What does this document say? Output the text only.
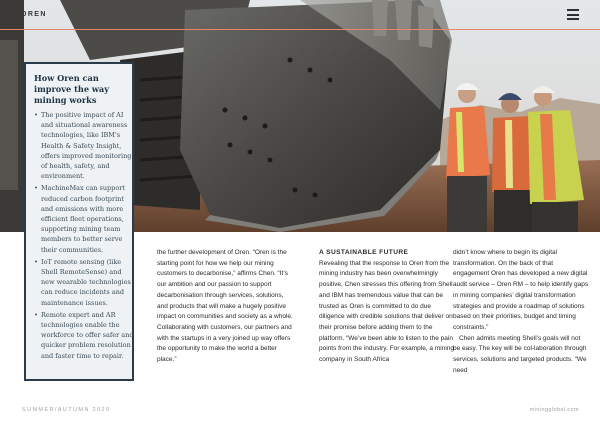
OREN
How Oren can improve the way mining works
• The positive impact of AI and situational awareness technologies, like IBM's Health & Safety Insight, offers improved monitoring of health, safety, and environment.
• MachineMax can support reduced carbon footprint and emissions with more efficient fleet operations, supporting mining team members to better serve their communities.
• IoT remote sensing (like Shell RemoteSense) and new wearable technologies can reduce incidents and maintenance issues.
• Remote expert and AR technologies enable the workforce to offer safer and quicker problem resolution and faster time to repair.

the further development of Oren. “Oren is the starting point for how we help our mining customers to decarbonise,” affirms Chen. “It’s our ambition and our passion to support decarbonisation through services, solutions, and products that will make a hugely positive impact on communities and society as a whole. Collaborating with customers, our partners and with the startups in a very joined up way offers the opportunity to make the world a better place.”

A SUSTAINABLE FUTURE

Revealing that the response to Oren from the mining industry has been overwhelmingly positive, Chen stresses this offering from Shell and IBM has tremendous value that can be trusted as Oren is committed to do due diligence with credible solutions that deliver on their promise before adding them to the platform. “We’ve been able to listen to the pain points from the industry. For example, a mining company in South Africa

didn’t know where to begin its digital transformation. On the back of that engagement Oren has developed a new digital audit service – Oren RM – to help identify gaps in mining companies’ digital transformation strategies and provide a roadmap of solutions based on their priorities, budget and timing constraints.”

Chen admits meeting Shell’s goals will not be easy. The key will be col-laboration through services, solutions and targeted products. “We need

SUMMER/AUTUMN 2020	miningglobal.com
